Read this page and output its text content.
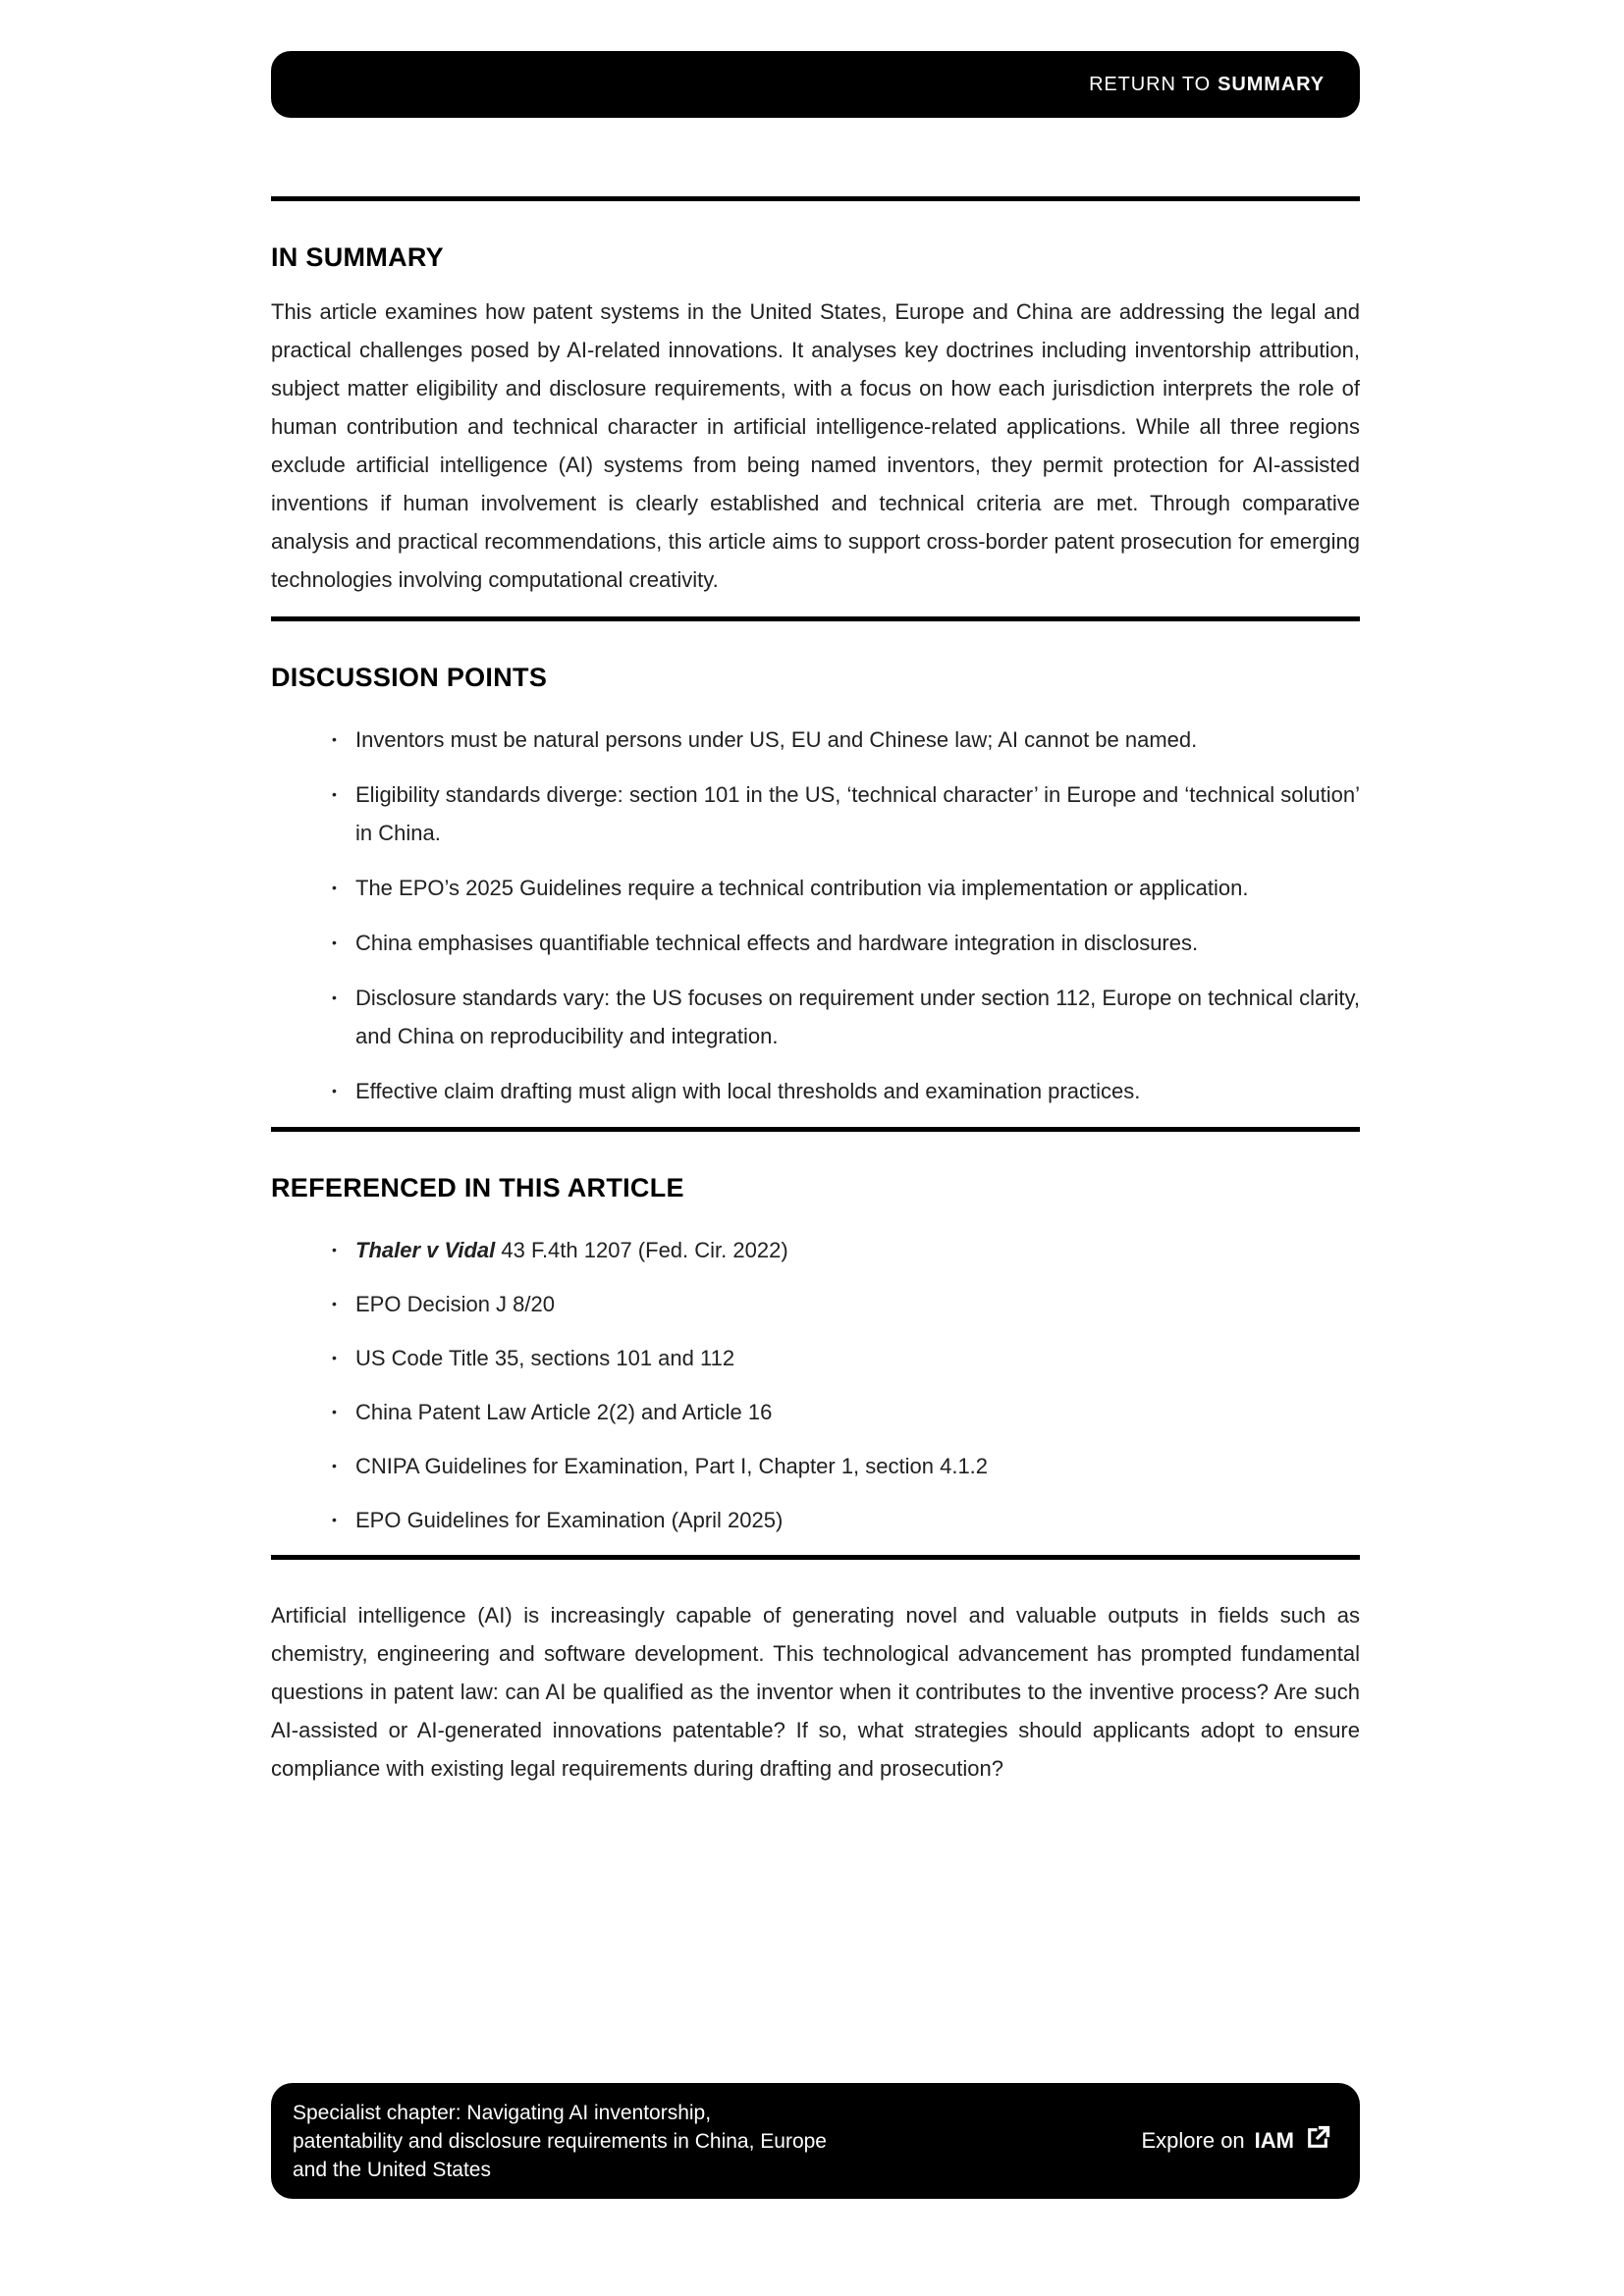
RETURN TO SUMMARY
IN SUMMARY

This article examines how patent systems in the United States, Europe and China are addressing the legal and practical challenges posed by AI-related innovations. It analyses key doctrines including inventorship attribution, subject matter eligibility and disclosure requirements, with a focus on how each jurisdiction interprets the role of human contribution and technical character in artificial intelligence-related applications. While all three regions exclude artificial intelligence (AI) systems from being named inventors, they permit protection for AI-assisted inventions if human involvement is clearly established and technical criteria are met. Through comparative analysis and practical recommendations, this article aims to support cross-border patent prosecution for emerging technologies involving computational creativity.

DISCUSSION POINTS
• Inventors must be natural persons under US, EU and Chinese law; AI cannot be named.
• Eligibility standards diverge: section 101 in the US, ‘technical character’ in Europe and ‘technical solution’ in China.
• The EPO’s 2025 Guidelines require a technical contribution via implementation or application.
• China emphasises quantifiable technical effects and hardware integration in disclosures.
• Disclosure standards vary: the US focuses on requirement under section 112, Europe on technical clarity, and China on reproducibility and integration.
• Effective claim drafting must align with local thresholds and examination practices.
REFERENCED IN THIS ARTICLE
• Thaler v Vidal 43 F.4th 1207 (Fed. Cir. 2022)
• EPO Decision J 8/20
• US Code Title 35, sections 101 and 112
• China Patent Law Article 2(2) and Article 16
• CNIPA Guidelines for Examination, Part I, Chapter 1, section 4.1.2
• EPO Guidelines for Examination (April 2025)

Artificial intelligence (AI) is increasingly capable of generating novel and valuable outputs in fields such as chemistry, engineering and software development. This technological advancement has prompted fundamental questions in patent law: can AI be qualified as the inventor when it contributes to the inventive process? Are such AI-assisted or AI-generated innovations patentable? If so, what strategies should applicants adopt to ensure compliance with existing legal requirements during drafting and prosecution?

Specialist chapter: Navigating AI inventorship,
patentability and disclosure requirements in China, Europe
and the United States
Explore on IAM
